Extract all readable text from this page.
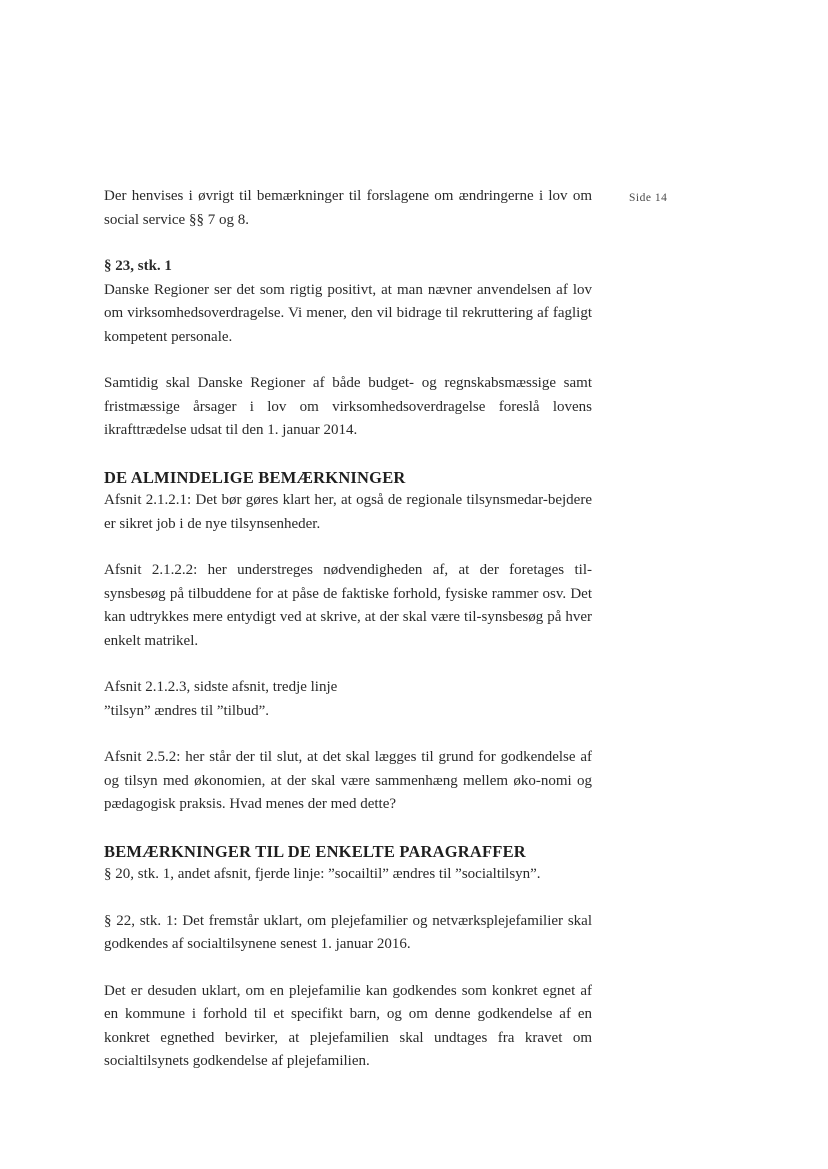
Side 14

Der henvises i øvrigt til bemærkninger til forslagene om ændringerne i lov om social service §§ 7 og 8.

§ 23, stk. 1

Danske Regioner ser det som rigtig positivt, at man nævner anvendelsen af lov om virksomhedsoverdragelse. Vi mener, den vil bidrage til rekruttering af fagligt kompetent personale.

Samtidig skal Danske Regioner af både budget- og regnskabsmæssige samt fristmæssige årsager i lov om virksomhedsoverdragelse foreslå lovens ikrafttrædelse udsat til den 1. januar 2014.

DE ALMINDELIGE BEMÆRKNINGER

Afsnit 2.1.2.1: Det bør gøres klart her, at også de regionale tilsynsmedar-bejdere er sikret job i de nye tilsynsenheder.

Afsnit 2.1.2.2: her understreges nødvendigheden af, at der foretages til-synsbesøg på tilbuddene for at påse de faktiske forhold, fysiske rammer osv. Det kan udtrykkes mere entydigt ved at skrive, at der skal være til-synsbesøg på hver enkelt matrikel.

Afsnit 2.1.2.3, sidste afsnit, tredje linje

”tilsyn” ændres til ”tilbud”.

Afsnit 2.5.2: her står der til slut, at det skal lægges til grund for godkendelse af og tilsyn med økonomien, at der skal være sammenhæng mellem øko-nomi og pædagogisk praksis. Hvad menes der med dette?

BEMÆRKNINGER TIL DE ENKELTE PARAGRAFFER

§ 20, stk. 1, andet afsnit, fjerde linje: ”socailtil” ændres til ”socialtilsyn”.

§ 22, stk. 1: Det fremstår uklart, om plejefamilier og netværksplejefamilier skal godkendes af socialtilsynene senest 1. januar 2016.

Det er desuden uklart, om en plejefamilie kan godkendes som konkret egnet af en kommune i forhold til et specifikt barn, og om denne godkendelse af en konkret egnethed bevirker, at plejefamilien skal undtages fra kravet om socialtilsynets godkendelse af plejefamilien.
